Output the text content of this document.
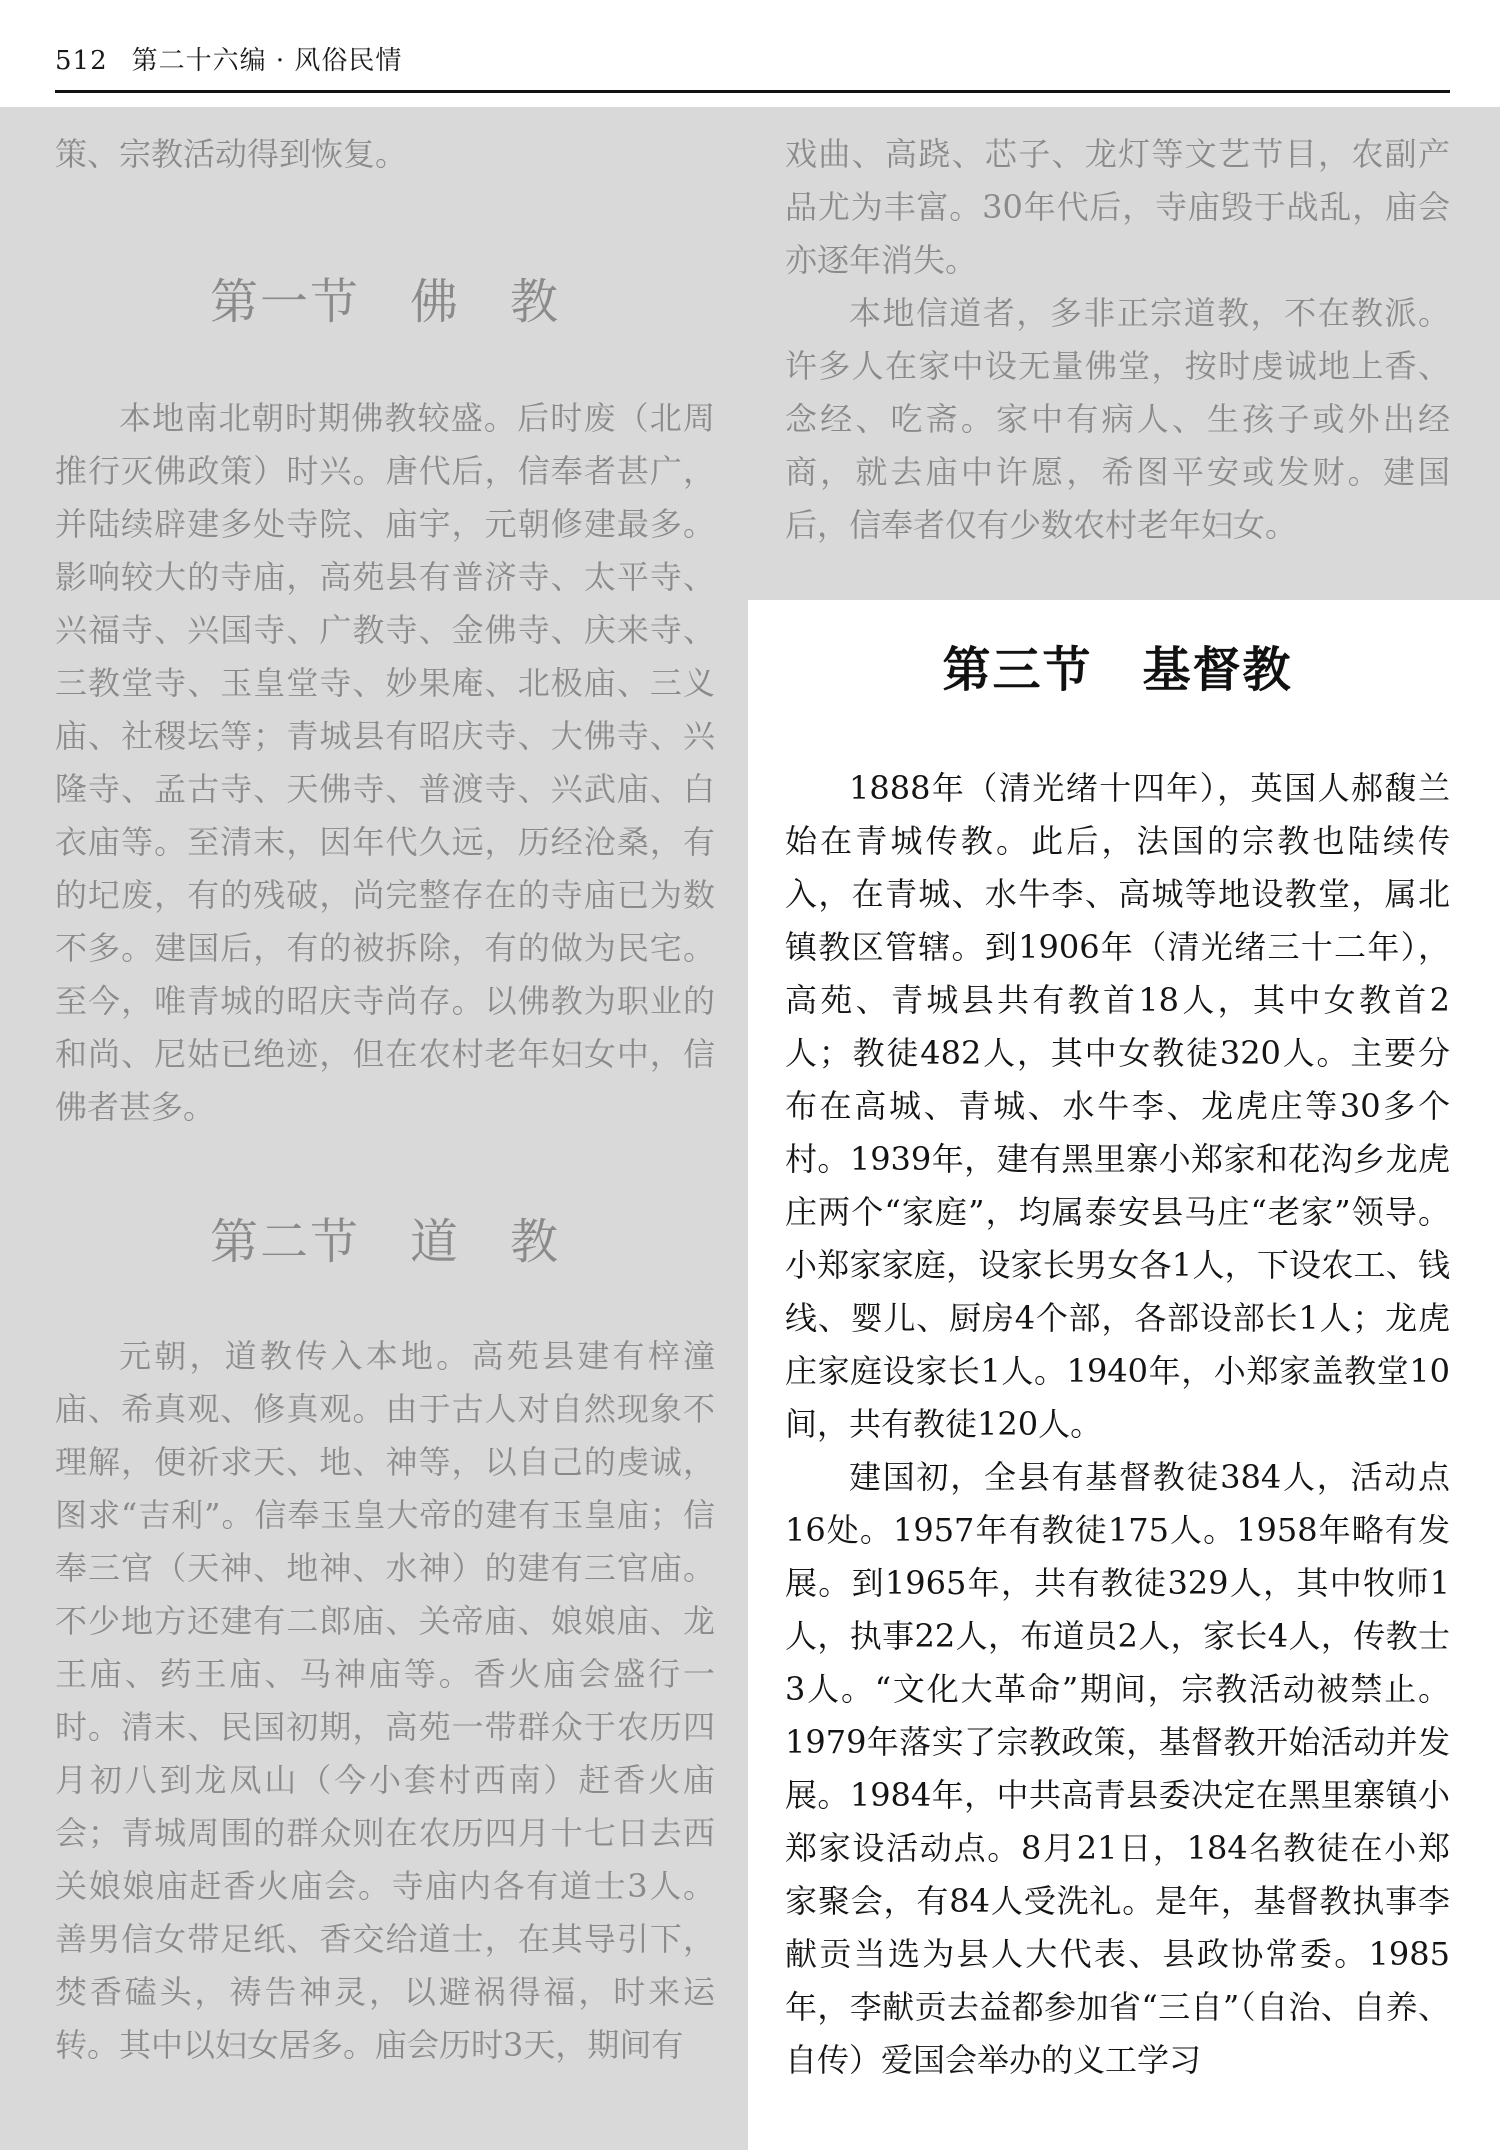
512 第二十六编 · 风俗民情

策、宗教活动得到恢复。

第一节　佛　教

本地南北朝时期佛教较盛。后时废（北周推行灭佛政策）时兴。唐代后，信奉者甚广，并陆续辟建多处寺院、庙宇，元朝修建最多。影响较大的寺庙，高苑县有普济寺、太平寺、兴福寺、兴国寺、广教寺、金佛寺、庆来寺、三教堂寺、玉皇堂寺、妙果庵、北极庙、三义庙、社稷坛等；青城县有昭庆寺、大佛寺、兴隆寺、孟古寺、天佛寺、普渡寺、兴武庙、白衣庙等。至清末，因年代久远，历经沧桑，有的圮废，有的残破，尚完整存在的寺庙已为数不多。建国后，有的被拆除，有的做为民宅。至今，唯青城的昭庆寺尚存。以佛教为职业的和尚、尼姑已绝迹，但在农村老年妇女中，信佛者甚多。

第二节　道　教

元朝，道教传入本地。高苑县建有梓潼庙、希真观、修真观。由于古人对自然现象不理解，便祈求天、地、神等，以自己的虔诚，图求“吉利”。信奉玉皇大帝的建有玉皇庙；信奉三官（天神、地神、水神）的建有三官庙。不少地方还建有二郎庙、关帝庙、娘娘庙、龙王庙、药王庙、马神庙等。香火庙会盛行一时。清末、民国初期，高苑一带群众于农历四月初八到龙凤山（今小套村西南）赶香火庙会；青城周围的群众则在农历四月十七日去西关娘娘庙赶香火庙会。寺庙内各有道士3人。善男信女带足纸、香交给道士，在其导引下，焚香磕头，祷告神灵，以避祸得福，时来运转。其中以妇女居多。庙会历时3天，期间有

戏曲、高跷、芯子、龙灯等文艺节目，农副产品尤为丰富。30年代后，寺庙毁于战乱，庙会亦逐年消失。

本地信道者，多非正宗道教，不在教派。许多人在家中设无量佛堂，按时虔诚地上香、念经、吃斋。家中有病人、生孩子或外出经商，就去庙中许愿，希图平安或发财。建国后，信奉者仅有少数农村老年妇女。

第三节　基督教

1888年（清光绪十四年），英国人郝馥兰始在青城传教。此后，法国的宗教也陆续传入，在青城、水牛李、高城等地设教堂，属北镇教区管辖。到1906年（清光绪三十二年），高苑、青城县共有教首18人，其中女教首2人；教徒482人，其中女教徒320人。主要分布在高城、青城、水牛李、龙虎庄等30多个村。1939年，建有黑里寨小郑家和花沟乡龙虎庄两个“家庭”，均属泰安县马庄“老家”领导。小郑家家庭，设家长男女各1人，下设农工、钱线、婴儿、厨房4个部，各部设部长1人；龙虎庄家庭设家长1人。1940年，小郑家盖教堂10间，共有教徒120人。

建国初，全县有基督教徒384人，活动点16处。1957年有教徒175人。1958年略有发展。到1965年，共有教徒329人，其中牧师1人，执事22人，布道员2人，家长4人，传教士3人。“文化大革命”期间，宗教活动被禁止。1979年落实了宗教政策，基督教开始活动并发展。1984年，中共高青县委决定在黑里寨镇小郑家设活动点。8月21日，184名教徒在小郑家聚会，有84人受洗礼。是年，基督教执事李献贡当选为县人大代表、县政协常委。1985年，李献贡去益都参加省“三自”（自治、自养、自传）爱国会举办的义工学习
